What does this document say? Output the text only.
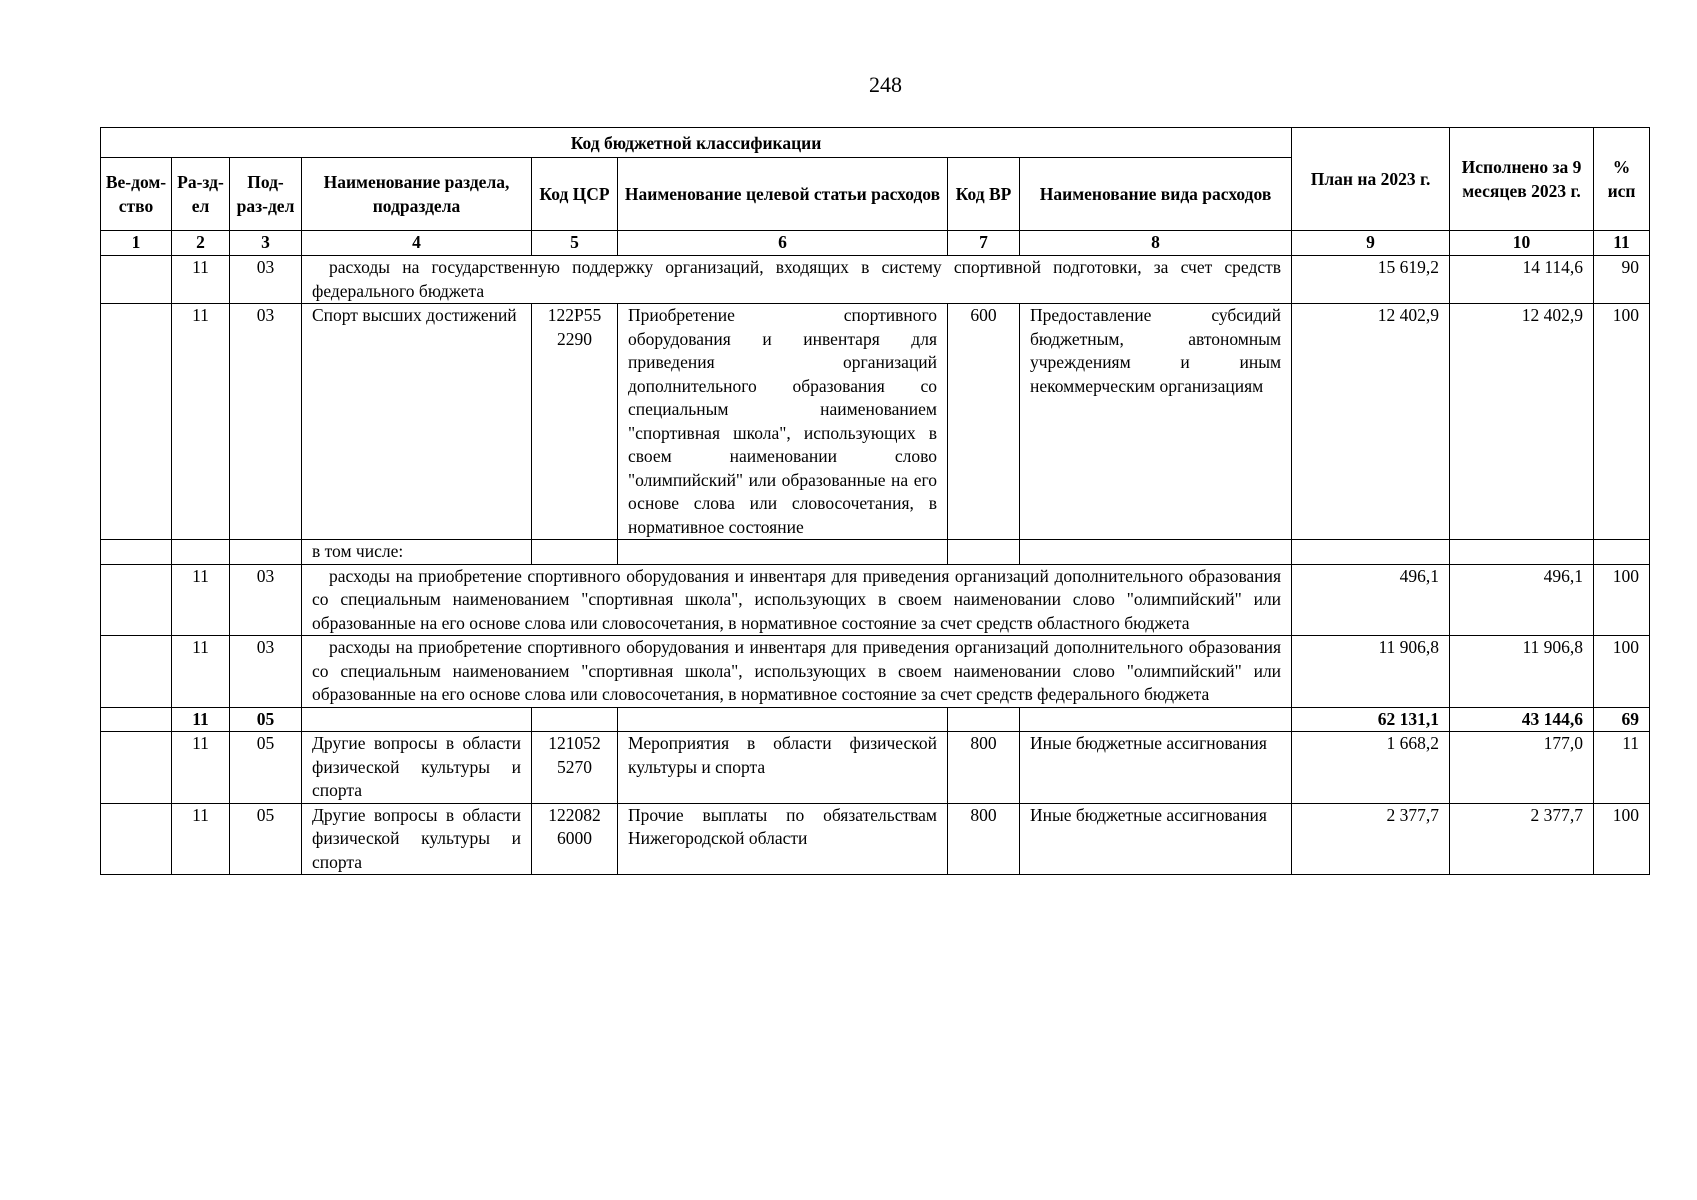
248
Код бюджетной классификации								План на 2023 г.	Исполнено за 9 месяцев 2023 г.	% исп
Ве-дом-ство	Ра-зд-ел	Под-раз-дел	Наименование раздела, подраздела	Код ЦСР	Наименование целевой статьи расходов	Код ВР	Наименование вида расходов			
1	2	3	4	5	6	7	8	9	10	11
	11	03	расходы на государственную поддержку организаций, входящих в систему спортивной подготовки, за счет средств федерального бюджета					15 619,2	14 114,6	90
	11	03	Спорт высших достижений	122P55 2290	Приобретение спортивного оборудования и инвентаря для приведения организаций дополнительного образования со специальным наименованием "спортивная школа", использующих в своем наименовании слово "олимпийский" или образованные на его основе слова или словосочетания, в нормативное состояние	600	Предоставление субсидий бюджетным, автономным учреждениям и иным некоммерческим организациям	12 402,9	12 402,9	100
			в том числе:							
	11	03	расходы на приобретение спортивного оборудования и инвентаря для приведения организаций дополнительного образования со специальным наименованием "спортивная школа", использующих в своем наименовании слово "олимпийский" или образованные на его основе слова или словосочетания, в нормативное состояние за счет средств областного бюджета					496,1	496,1	100
	11	03	расходы на приобретение спортивного оборудования и инвентаря для приведения организаций дополнительного образования со специальным наименованием "спортивная школа", использующих в своем наименовании слово "олимпийский" или образованные на его основе слова или словосочетания, в нормативное состояние за счет средств федерального бюджета					11 906,8	11 906,8	100
	11	05						62 131,1	43 144,6	69
	11	05	Другие вопросы в области физической культуры и спорта	121052 5270	Мероприятия в области физической культуры и спорта	800	Иные бюджетные ассигнования	1 668,2	177,0	11
	11	05	Другие вопросы в области физической культуры и спорта	122082 6000	Прочие выплаты по обязательствам Нижегородской области	800	Иные бюджетные ассигнования	2 377,7	2 377,7	100
